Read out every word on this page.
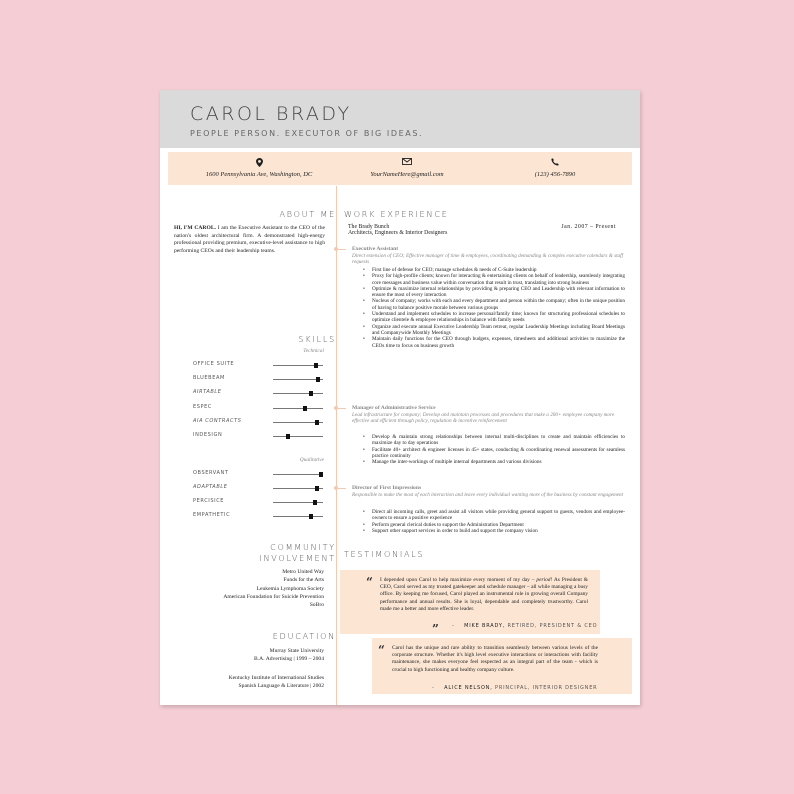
CAROL BRADY
PEOPLE PERSON. EXECUTOR OF BIG IDEAS.
1600 Pennsylvania Ave, Washington, DC	YourNameHere@gmail.com	(123) 456-7890
ABOUT ME
HI, I'M CAROL. I am the Executive Assistant to the CEO of the nation's oldest architectural firm. A demonstrated high-energy professional providing premium, executive-level assistance to high performing CEOs and their leadership teams.
SKILLS
Technical
Qualitative
COMMUNITY
INVOLVEMENT
Metro United Way
Funds for the Arts
Leukemia Lymphoma Society
American Foundation for Suicide Prevention
SoBro
EDUCATION
Murray State University
B.A. Advertising | 1999 – 2004
Kentucky Institute of International Studies
Spanish Language & Literature | 2002
WORK EXPERIENCE
The Brady Bunch
Architects, Engineers & Interior Designers
Jan. 2007 – Present
Executive Assistant
Direct extension of CEO; Effective manager of time & employees, coordinating demanding & complex executive calendars & staff requests
• First line of defense for CEO; manage schedules & needs of C-Suite leadership
• Proxy for high-profile clients; known for interacting & entertaining clients on behalf of leadership, seamlessly integrating core messages and business value within conversation that result in trust, translating into strong business
• Optimize & maximize internal relationships by providing & preparing CEO and Leadership with relevant information to ensure the most of every interaction
• Nucleus of company; works with each and every department and person within the company; often in the unique position of having to balance positive morale between various groups
• Understand and implement schedules to increase personal/family time; known for structuring professional schedules to optimize clientele & employee relationships in balance with family needs
• Organize and execute annual Executive Leadership Team retreat, regular Leadership Meetings including Board Meetings and Companywide Monthly Meetings
• Maintain daily functions for the CEO through budgets, expenses, timesheets and additional activities to maximize the CEOs time to focus on business growth
Manager of Administrative Service
Lead infrastructure for company; Develop and maintain processes and procedures that make a 200+ employee company more effective and efficient through policy, regulation & incentive reinforcement
• Develop & maintain strong relationships between internal multi-disciplines to create and maintain efficiencies to maximize day to day operations
• Facilitate 40+ architect & engineer licenses in 45+ states, conducting & coordinating renewal assessments for seamless practice continuity
• Manage the inter-workings of multiple internal departments and various divisions
Director of First Impressions
Responsible to make the most of each interaction and leave every individual wanting more of the business by constant engagement
• Direct all incoming calls, greet and assist all visitors while providing general support to guests, vendors and employee-owners to ensure a positive experience
• Perform general clerical duties to support the Administration Department
• Support other support services in order to build and support the company vision
TESTIMONIALS
“ I depended upon Carol to help maximize every moment of my day – period! As President & CEO, Carol served as my trusted gatekeeper and schedule manager – all while managing a busy office. By keeping me focused, Carol played an instrumental role in growing overall Company performance and annual results. She is loyal, dependable and completely trustworthy. Carol made me a better and more effective leader.
”	- MIKE BRADY, RETIRED, PRESIDENT & CEO
“ Carol has the unique and rare ability to transition seamlessly between various levels of the corporate structure. Whether it's high level executive interactions or interactions with facility maintenance, she makes everyone feel respected as an integral part of the team - which is crucial to high functioning and healthy company culture.
- ALICE NELSON, PRINCIPAL, INTERIOR DESIGNER
OFFICE SUITE
BLUEBEAM
AIRTABLE
ESPEC
AIA CONTRACTS
INDESIGN
OBSERVANT
ADAPTABLE
PERCISICE
EMPATHETIC
